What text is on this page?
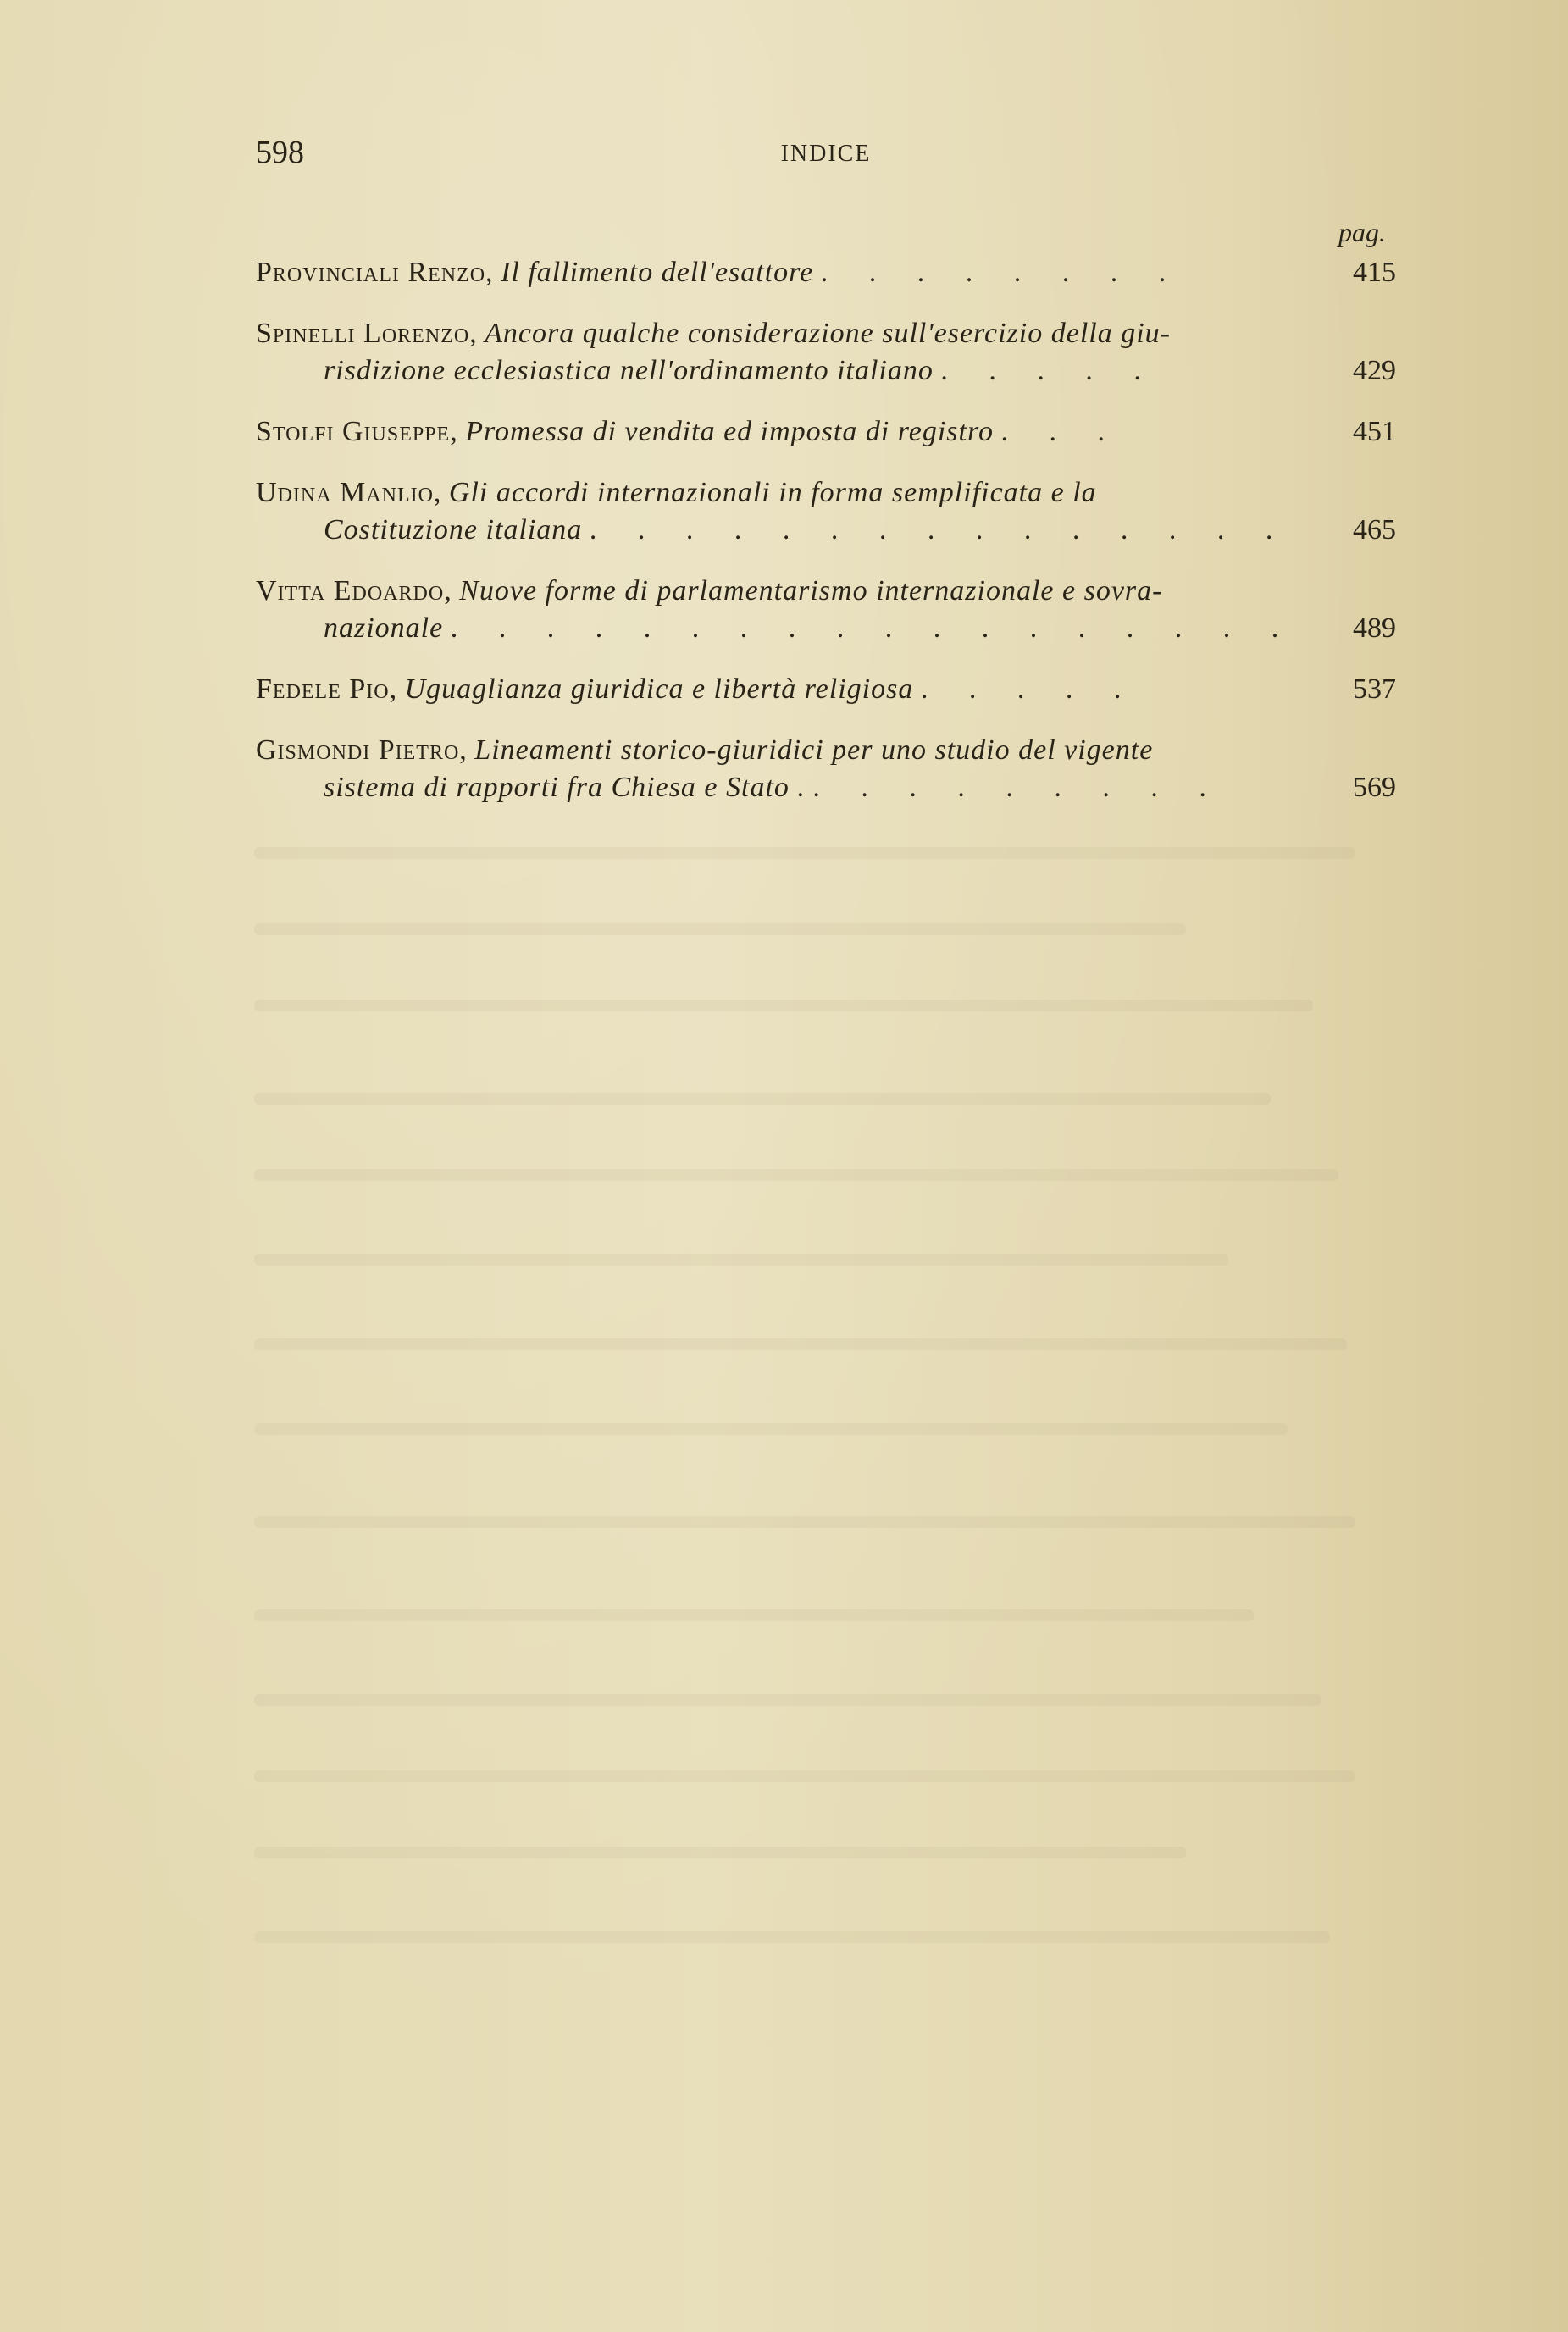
598	INDICE
pag.
Provinciali Renzo, Il fallimento dell'esattore . . . . . . . .	415
Spinelli Lorenzo, Ancora qualche considerazione sull'esercizio della giu-
risdizione ecclesiastica nell'ordinamento italiano . . . . .	429
Stolfi Giuseppe, Promessa di vendita ed imposta di registro . . .	451
Udina Manlio, Gli accordi internazionali in forma semplificata e la
Costituzione italiana . . . . . . . . . . . . . . . 465
Vitta Edoardo, Nuove forme di parlamentarismo internazionale e sovra-
nazionale . . . . . . . . . . . . . . . . . . 489
Fedele Pio, Uguaglianza giuridica e libertà religiosa . . . . .	537
Gismondi Pietro, Lineamenti storico-giuridici per uno studio del vigente
sistema di rapporti fra Chiesa e Stato . . . . . . . . . .	569
